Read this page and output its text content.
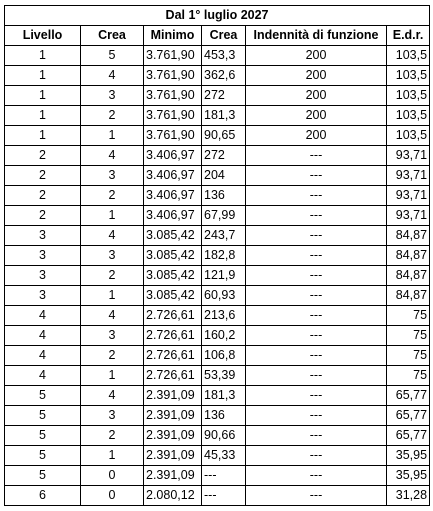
Dal 1° luglio 2027					
Livello	Crea	Minimo	Crea	Indennità di funzione	E.d.r.
1	5	3.761,90	453,3	200	103,5
1	4	3.761,90	362,6	200	103,5
1	3	3.761,90	272	200	103,5
1	2	3.761,90	181,3	200	103,5
1	1	3.761,90	90,65	200	103,5
2	4	3.406,97	272	---	93,71
2	3	3.406,97	204	---	93,71
2	2	3.406,97	136	---	93,71
2	1	3.406,97	67,99	---	93,71
3	4	3.085,42	243,7	---	84,87
3	3	3.085,42	182,8	---	84,87
3	2	3.085,42	121,9	---	84,87
3	1	3.085,42	60,93	---	84,87
4	4	2.726,61	213,6	---	75
4	3	2.726,61	160,2	---	75
4	2	2.726,61	106,8	---	75
4	1	2.726,61	53,39	---	75
5	4	2.391,09	181,3	---	65,77
5	3	2.391,09	136	---	65,77
5	2	2.391,09	90,66	---	65,77
5	1	2.391,09	45,33	---	35,95
5	0	2.391,09	---	---	35,95
6	0	2.080,12	---	---	31,28
